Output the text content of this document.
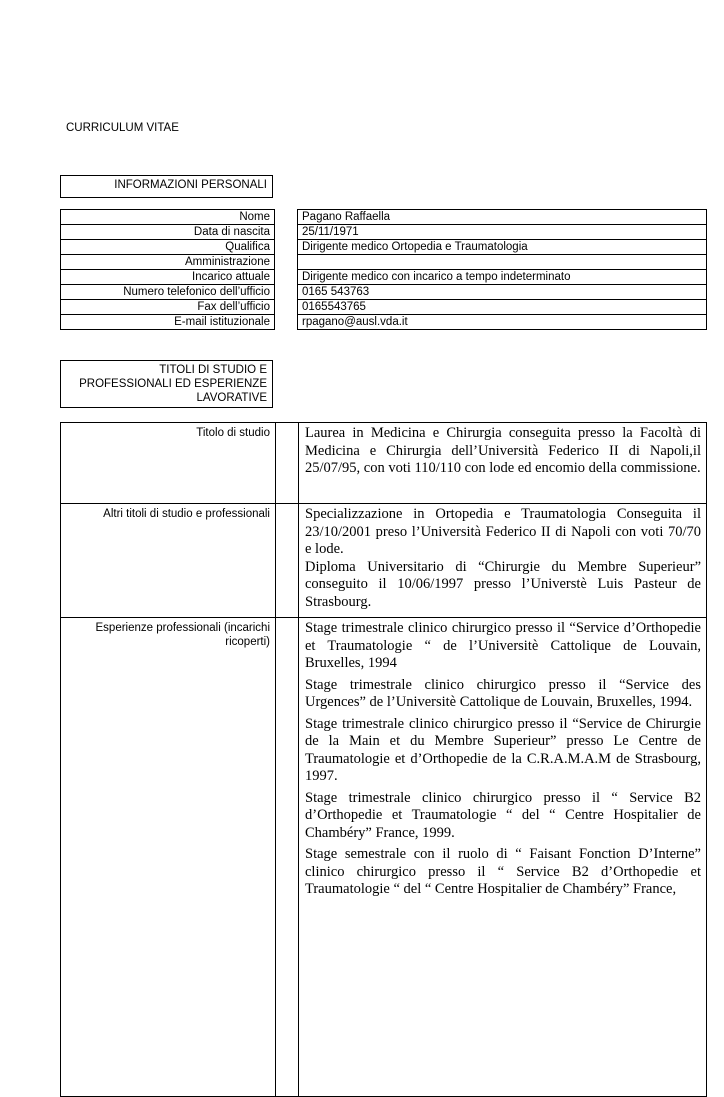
CURRICULUM VITAE
INFORMAZIONI PERSONALI
Nome		Pagano Raffaella
Data di nascita		25/11/1971
Qualifica		Dirigente medico Ortopedia e Traumatologia
Amministrazione		
Incarico attuale		Dirigente medico con incarico a tempo indeterminato
Numero telefonico dell’ufficio		0165 543763
Fax dell’ufficio		0165543765
E-mail istituzionale		rpagano@ausl.vda.it
TITOLI DI STUDIO E PROFESSIONALI ED ESPERIENZE LAVORATIVE
Titolo di studio		Laurea in Medicina e Chirurgia conseguita presso la Facoltà di Medicina e Chirurgia dell’Università Federico II di Napoli,il 25/07/95, con voti 110/110 con lode ed encomio della commissione.

Altri titoli di studio e professionali		Specializzazione in Ortopedia e Traumatologia Conseguita il 23/10/2001 preso l’Università Federico II di Napoli con voti 70/70 e lode.

Diploma Universitario di “Chirurgie du Membre Superieur” conseguito il 10/06/1997 presso l’Universtè Luis Pasteur de Strasbourg.

Esperienze professionali (incarichi ricoperti)		Stage trimestrale clinico chirurgico presso il “Service d’Orthopedie et Traumatologie “ de l’Universitè Cattolique de Louvain, Bruxelles, 1994

Stage trimestrale clinico chirurgico presso il “Service des Urgences” de l’Universitè Cattolique de Louvain, Bruxelles, 1994.

Stage trimestrale clinico chirurgico presso il “Service de Chirurgie de la Main et du Membre Superieur” presso Le Centre de Traumatologie et d’Orthopedie de la C.R.A.M.A.M de Strasbourg, 1997.

Stage trimestrale clinico chirurgico presso il “ Service B2 d’Orthopedie et Traumatologie “ del “ Centre Hospitalier de Chambéry” France, 1999.

Stage semestrale con il ruolo di “ Faisant Fonction D’Interne” clinico chirurgico presso il “ Service B2 d’Orthopedie et Traumatologie “ del “ Centre Hospitalier de Chambéry” France,
